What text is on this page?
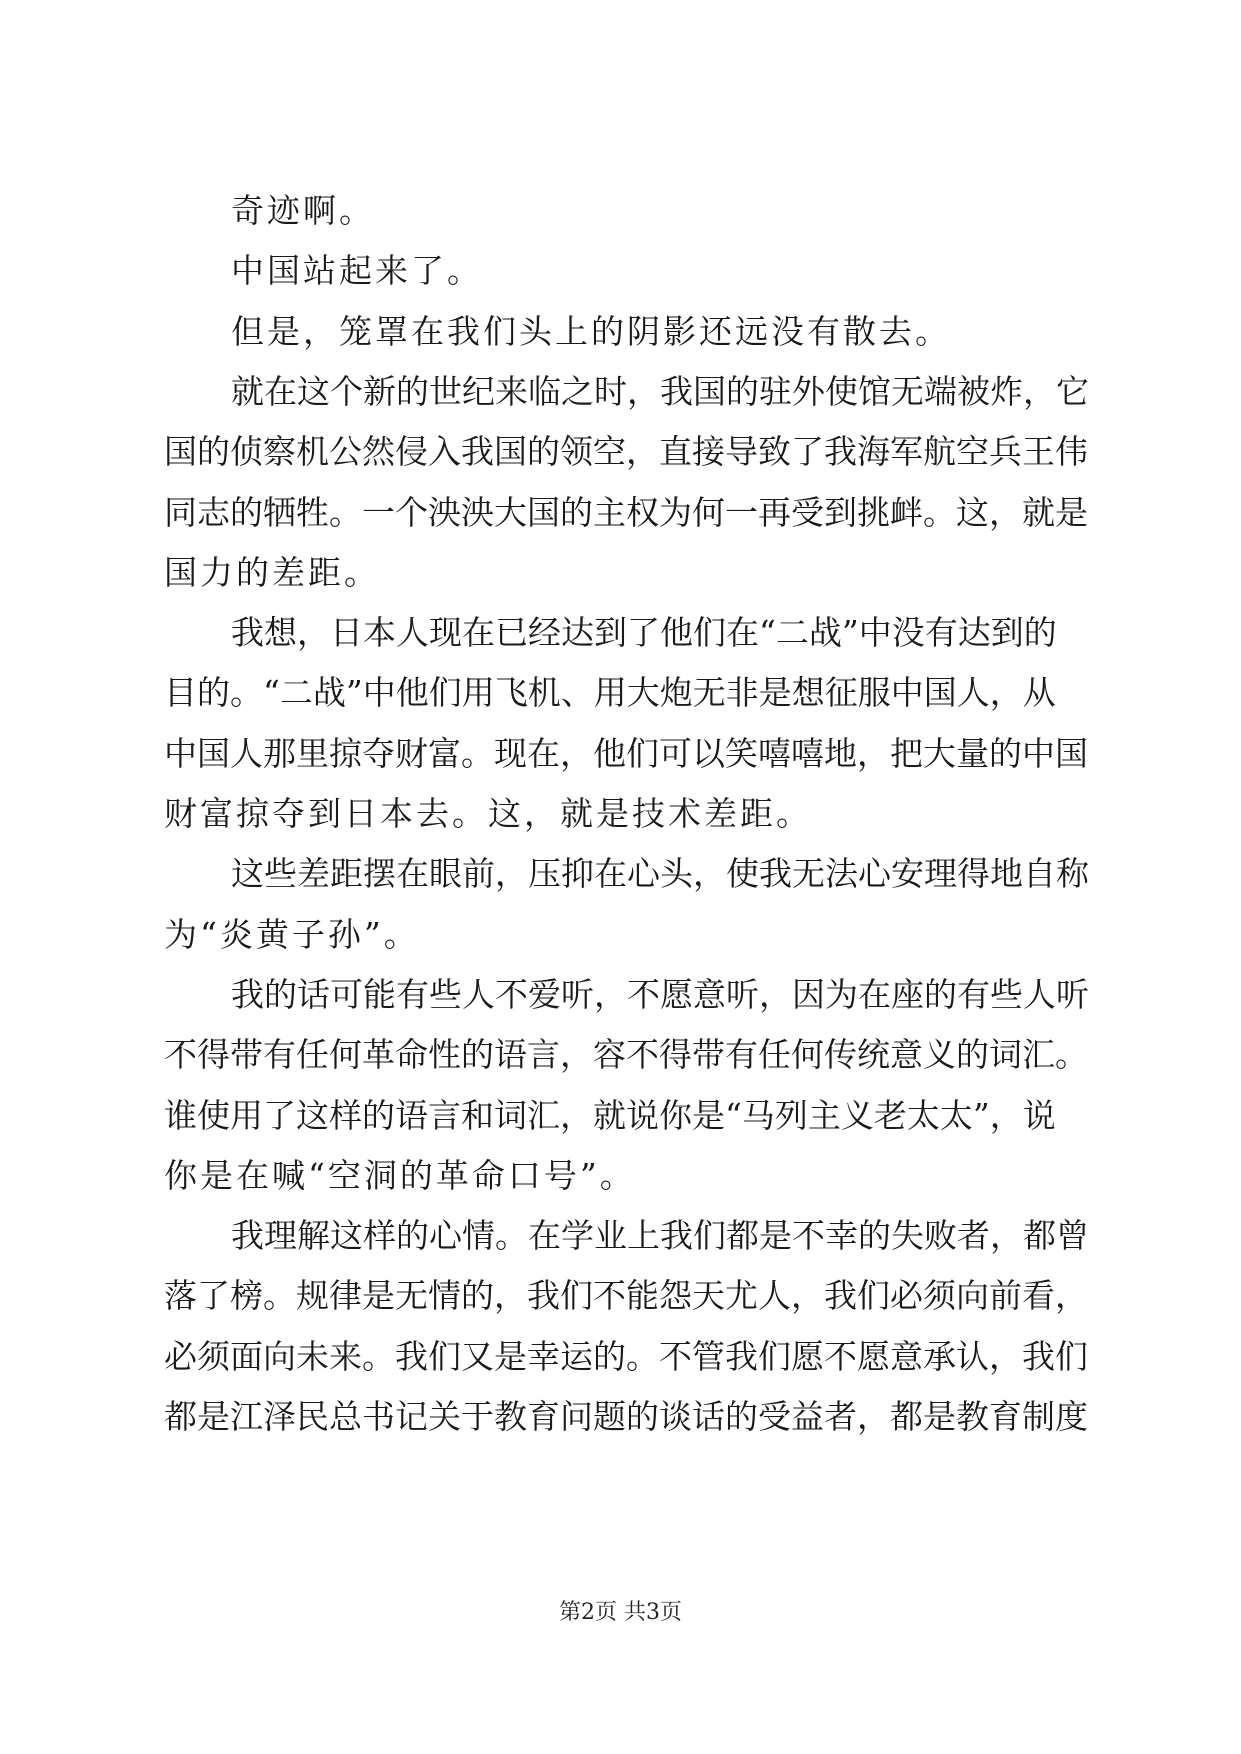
奇迹啊。
中国站起来了。
但是，笼罩在我们头上的阴影还远没有散去。
就在这个新的世纪来临之时，我国的驻外使馆无端被炸，它
国的侦察机公然侵入我国的领空，直接导致了我海军航空兵王伟
同志的牺牲。一个泱泱大国的主权为何一再受到挑衅。这，就是
国力的差距。
我想，日本人现在已经达到了他们在“二战”中没有达到的
目的。“二战”中他们用飞机、用大炮无非是想征服中国人，从
中国人那里掠夺财富。现在，他们可以笑嘻嘻地，把大量的中国
财富掠夺到日本去。这，就是技术差距。
这些差距摆在眼前，压抑在心头，使我无法心安理得地自称
为“炎黄子孙”。
我的话可能有些人不爱听，不愿意听，因为在座的有些人听
不得带有任何革命性的语言，容不得带有任何传统意义的词汇。
谁使用了这样的语言和词汇，就说你是“马列主义老太太”，说
你是在喊“空洞的革命口号”。
我理解这样的心情。在学业上我们都是不幸的失败者，都曾
落了榜。规律是无情的，我们不能怨天尤人，我们必须向前看，
必须面向未来。我们又是幸运的。不管我们愿不愿意承认，我们
都是江泽民总书记关于教育问题的谈话的受益者，都是教育制度
第2页 共3页
